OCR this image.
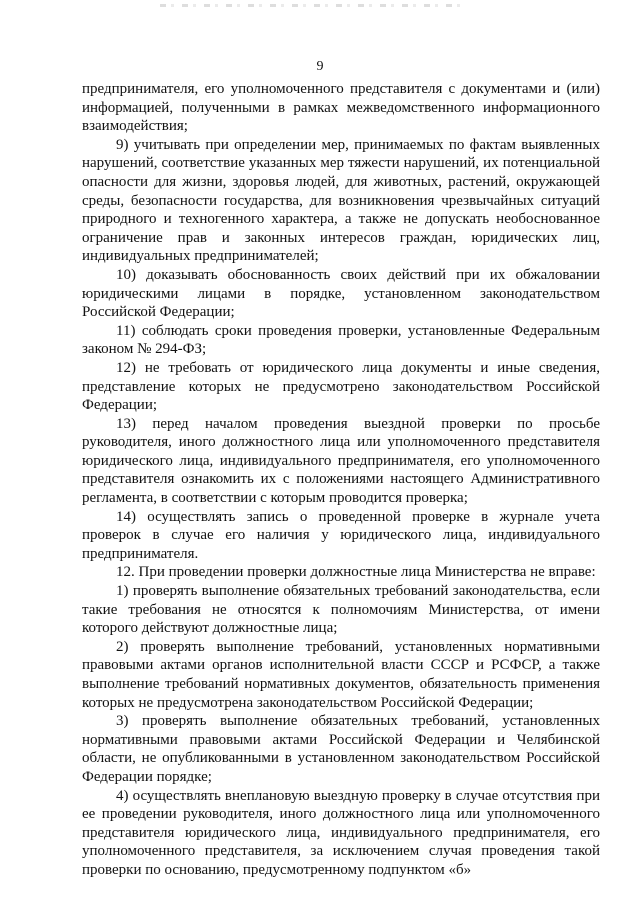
9

предпринимателя, его уполномоченного представителя с документами и (или) информацией, полученными в рамках межведомственного информационного взаимодействия;

9) учитывать при определении мер, принимаемых по фактам выявленных нарушений, соответствие указанных мер тяжести нарушений, их потенциальной опасности для жизни, здоровья людей, для животных, растений, окружающей среды, безопасности государства, для возникновения чрезвычайных ситуаций природного и техногенного характера, а также не допускать необоснованное ограничение прав и законных интересов граждан, юридических лиц, индивидуальных предпринимателей;

10) доказывать обоснованность своих действий при их обжаловании юридическими лицами в порядке, установленном законодательством Российской Федерации;

11) соблюдать сроки проведения проверки, установленные Федеральным законом № 294-ФЗ;

12) не требовать от юридического лица документы и иные сведения, представление которых не предусмотрено законодательством Российской Федерации;

13) перед началом проведения выездной проверки по просьбе руководителя, иного должностного лица или уполномоченного представителя юридического лица, индивидуального предпринимателя, его уполномоченного представителя ознакомить их с положениями настоящего Административного регламента, в соответствии с которым проводится проверка;

14) осуществлять запись о проведенной проверке в журнале учета проверок в случае его наличия у юридического лица, индивидуального предпринимателя.

12. При проведении проверки должностные лица Министерства не вправе:

1) проверять выполнение обязательных требований законодательства, если такие требования не относятся к полномочиям Министерства, от имени которого действуют должностные лица;

2) проверять выполнение требований, установленных нормативными правовыми актами органов исполнительной власти СССР и РСФСР, а также выполнение требований нормативных документов, обязательность применения которых не предусмотрена законодательством Российской Федерации;

3) проверять выполнение обязательных требований, установленных нормативными правовыми актами Российской Федерации и Челябинской области, не опубликованными в установленном законодательством Российской Федерации порядке;

4) осуществлять внеплановую выездную проверку в случае отсутствия при ее проведении руководителя, иного должностного лица или уполномоченного представителя юридического лица, индивидуального предпринимателя, его уполномоченного представителя, за исключением случая проведения такой проверки по основанию, предусмотренному подпунктом «б»
